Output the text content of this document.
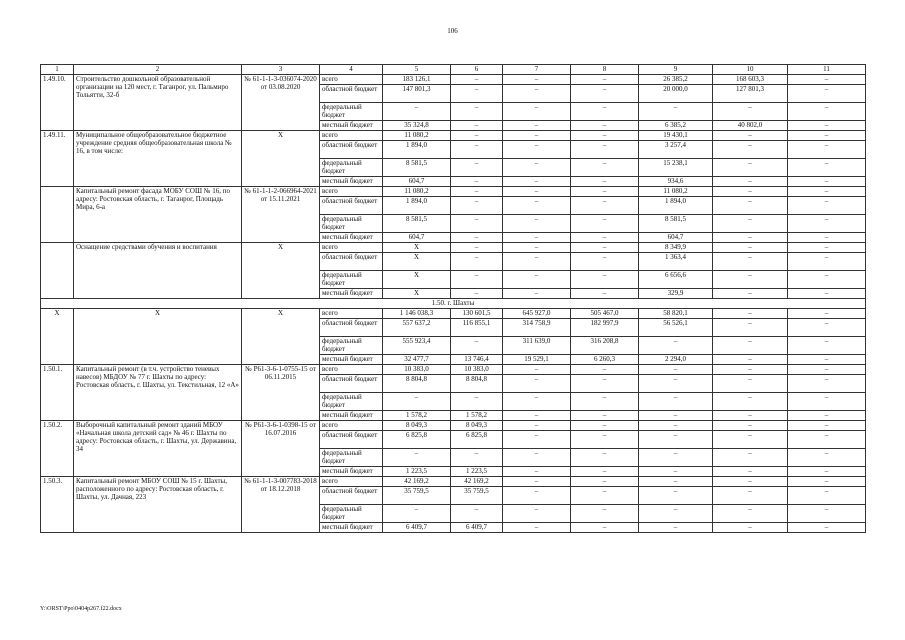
106
1	2	3	4	5	6	7	8	9	10	11
1.49.10.	Строительство дошкольной образовательной организации на 120 мест, г. Таганрог, ул. Пальмиро Тольятти, 32-б	№ 61-1-1-3-036074-2020 от 03.08.2020	всего	183 126,1	–	–	–	26 385,2	168 603,3	–
			областной бюджет	147 801,3	–	–	–	20 000,0	127 801,3	–
			федеральный бюджет	–	–	–	–	–	–	–
			местный бюджет	35 324,8	–	–	–	6 385,2	40 802,0	–
1.49.11.	Муниципальное общеобразовательное бюджетное учреждение средняя общеобразовательная школа № 16, в том числе:	X	всего	11 080,2	–	–	–	19 430,1	–	–
			областной бюджет	1 894,0	–	–	–	3 257,4	–	–
			федеральный бюджет	8 581,5	–	–	–	15 238,1	–	–
			местный бюджет	604,7	–	–	–	934,6	–	–
	Капитальный ремонт фасада МОБУ СОШ № 16, по адресу: Ростовская область, г. Таганрог, Площадь Мира, 6-а	№ 61-1-1-2-066964-2021 от 15.11.2021	всего	11 080,2	–	–	–	11 080,2	–	–
			областной бюджет	1 894,0	–	–	–	1 894,0	–	–
			федеральный бюджет	8 581,5	–	–	–	8 581,5	–	–
			местный бюджет	604,7	–	–	–	604,7	–	–
	Оснащение средствами обучения и воспитания	X	всего	X	–	–	–	8 349,9	–	–
			областной бюджет	X	–	–	–	1 363,4	–	–
			федеральный бюджет	X	–	–	–	6 656,6	–	–
			местный бюджет	X	–	–	–	329,9	–	–
1.50. г. Шахты										
X	X	X	всего	1 146 038,3	130 601,5	645 927,0	505 467,0	58 820,1	–	–
			областной бюджет	557 637,2	116 855,1	314 758,9	182 997,9	56 526,1	–	–
			федеральный бюджет	555 923,4	–	311 639,0	316 208,8	–	–	–
			местный бюджет	32 477,7	13 746,4	19 529,1	6 260,3	2 294,0	–	–
1.50.1.	Капитальный ремонт (в т.ч. устройство теневых навесов) МБДОУ № 77 г. Шахты по адресу: Ростовская область, г. Шахты, ул. Текстильная, 12 «А»	№ Р61-3-6-1-0755-15 от 06.11.2015	всего	10 383,0	10 383,0	–	–	–	–	–
			областной бюджет	8 804,8	8 804,8	–	–	–	–	–
			федеральный бюджет	–	–	–	–	–	–	–
			местный бюджет	1 578,2	1 578,2	–	–	–	–	–
1.50.2.	Выборочный капитальный ремонт зданий МБОУ «Начальная школа детский сад» № 46 г. Шахты по адресу: Ростовская область, г. Шахты, ул. Державина, 34	№ Р61-3-6-1-0398-15 от 16.07.2016	всего	8 049,3	8 049,3	–	–	–	–	–
			областной бюджет	6 825,8	6 825,8	–	–	–	–	–
			федеральный бюджет	–	–	–	–	–	–	–
			местный бюджет	1 223,5	1 223,5	–	–	–	–	–
1.50.3.	Капитальный ремонт МБОУ СОШ № 15 г. Шахты, расположенного по адресу: Ростовская область, г. Шахты, ул. Дачная, 223	№ 61-1-1-3-007783-2018 от 18.12.2018	всего	42 169,2	42 169,2	–	–	–	–	–
			областной бюджет	35 759,5	35 759,5	–	–	–	–	–
			федеральный бюджет	–	–	–	–	–	–	–
			местный бюджет	6 409,7	6 409,7	–	–	–	–	–
Y:\ORST\Ppo\0404p267.f22.docx
